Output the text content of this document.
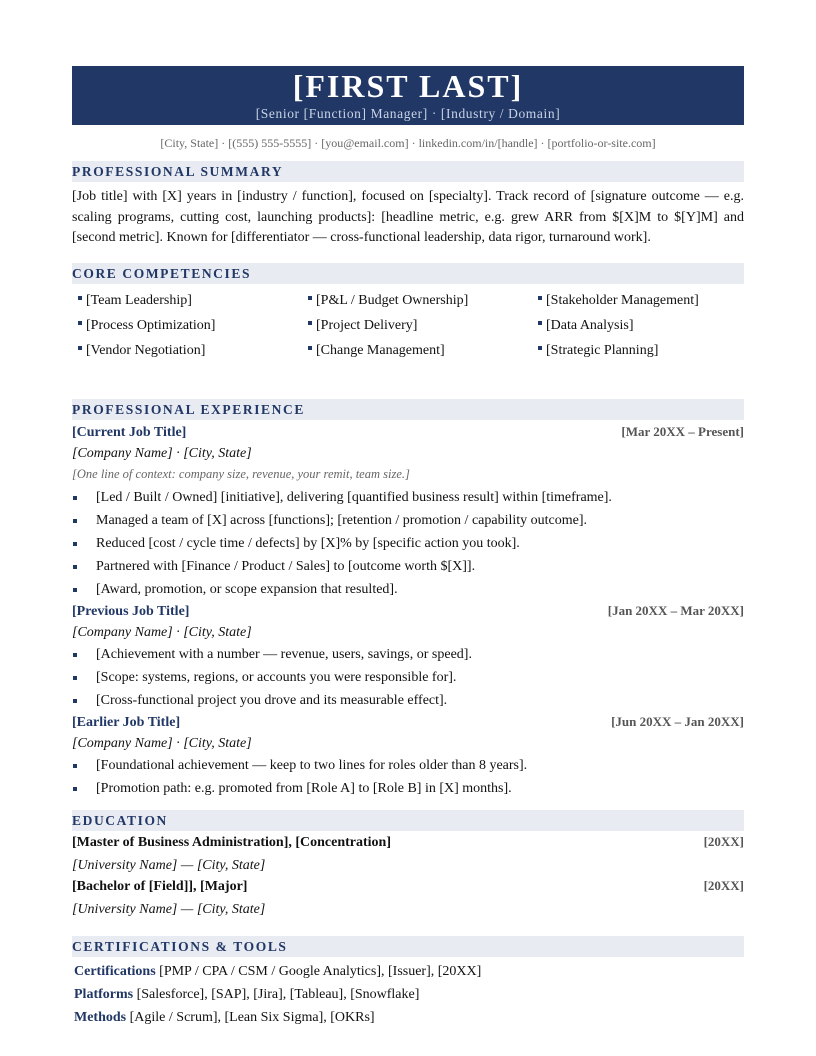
[FIRST LAST]
[Senior [Function] Manager] · [Industry / Domain]
[City, State] · [(555) 555-5555] · [you@email.com] · linkedin.com/in/[handle] · [portfolio-or-site.com]
PROFESSIONAL SUMMARY
[Job title] with [X] years in [industry / function], focused on [specialty]. Track record of [signature outcome — e.g. scaling programs, cutting cost, launching products]: [headline metric, e.g. grew ARR from $[X]M to $[Y]M] and [second metric]. Known for [differentiator — cross-functional leadership, data rigor, turnaround work].
CORE COMPETENCIES
[Team Leadership]	[P&L / Budget Ownership]	[Stakeholder Management]
[Process Optimization]	[Project Delivery]	[Data Analysis]
[Vendor Negotiation]	[Change Management]	[Strategic Planning]
PROFESSIONAL EXPERIENCE
[Current Job Title]	[Mar 20XX – Present]
[Company Name] · [City, State]
[One line of context: company size, revenue, your remit, team size.]
[Led / Built / Owned] [initiative], delivering [quantified business result] within [timeframe].
Managed a team of [X] across [functions]; [retention / promotion / capability outcome].
Reduced [cost / cycle time / defects] by [X]% by [specific action you took].
Partnered with [Finance / Product / Sales] to [outcome worth $[X]].
[Award, promotion, or scope expansion that resulted].
[Previous Job Title]	[Jan 20XX – Mar 20XX]
[Company Name] · [City, State]
[Achievement with a number — revenue, users, savings, or speed].
[Scope: systems, regions, or accounts you were responsible for].
[Cross-functional project you drove and its measurable effect].
[Earlier Job Title]	[Jun 20XX – Jan 20XX]
[Company Name] · [City, State]
[Foundational achievement — keep to two lines for roles older than 8 years].
[Promotion path: e.g. promoted from [Role A] to [Role B] in [X] months].
EDUCATION
[Master of Business Administration], [Concentration]	[20XX]
[University Name] — [City, State]
[Bachelor of [Field]], [Major]	[20XX]
[University Name] — [City, State]
CERTIFICATIONS & TOOLS
Certifications [PMP / CPA / CSM / Google Analytics], [Issuer], [20XX]
Platforms [Salesforce], [SAP], [Jira], [Tableau], [Snowflake]
Methods [Agile / Scrum], [Lean Six Sigma], [OKRs]
